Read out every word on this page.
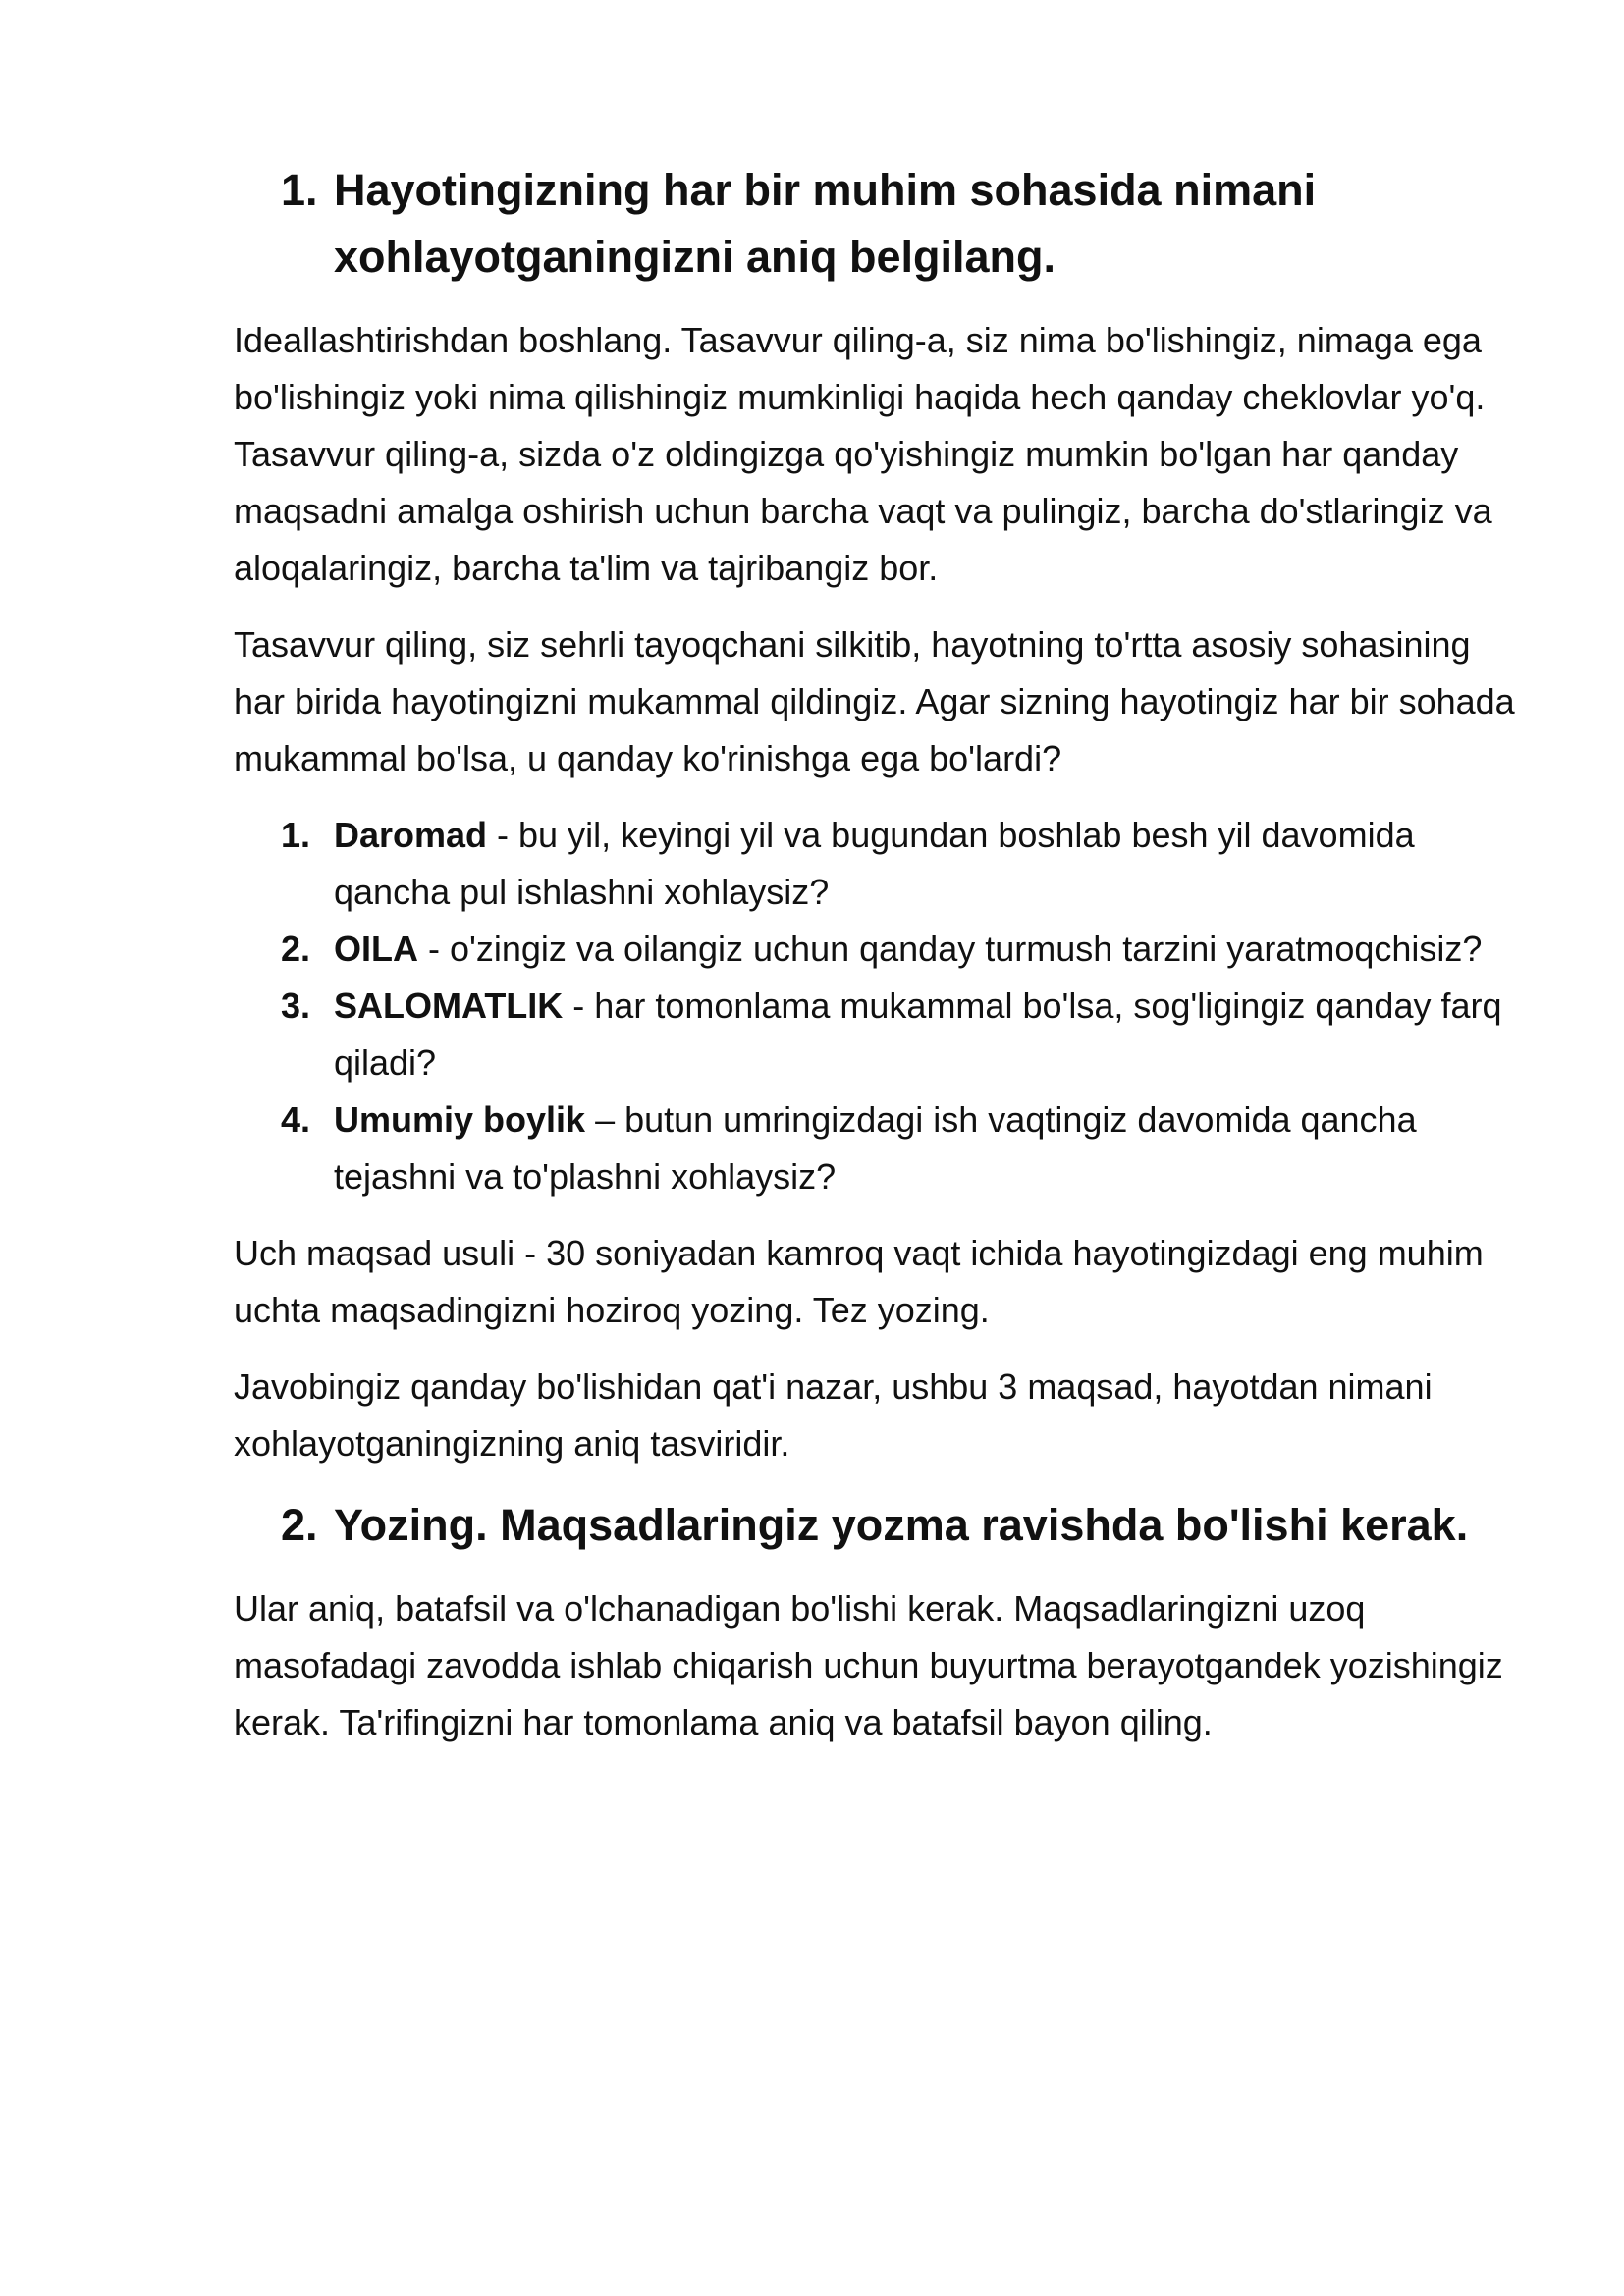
1. Hayotingizning har bir muhim sohasida nimani xohlayotganingizni aniq belgilang.

Ideallashtirishdan boshlang. Tasavvur qiling-a, siz nima bo'lishingiz, nimaga ega bo'lishingiz yoki nima qilishingiz mumkinligi haqida hech qanday cheklovlar yo'q. Tasavvur qiling-a, sizda o'z oldingizga qo'yishingiz mumkin bo'lgan har qanday maqsadni amalga oshirish uchun barcha vaqt va pulingiz, barcha do'stlaringiz va aloqalaringiz, barcha ta'lim va tajribangiz bor.

Tasavvur qiling, siz sehrli tayoqchani silkitib, hayotning to'rtta asosiy sohasining har birida hayotingizni mukammal qildingiz. Agar sizning hayotingiz har bir sohada mukammal bo'lsa, u qanday ko'rinishga ega bo'lardi?

1. Daromad - bu yil, keyingi yil va bugundan boshlab besh yil davomida qancha pul ishlashni xohlaysiz?
2. OILA - o'zingiz va oilangiz uchun qanday turmush tarzini yaratmoqchisiz?
3. SALOMATLIK - har tomonlama mukammal bo'lsa, sog'ligingiz qanday farq qiladi?
4. Umumiy boylik – butun umringizdagi ish vaqtingiz davomida qancha tejashni va to'plashni xohlaysiz?

Uch maqsad usuli - 30 soniyadan kamroq vaqt ichida hayotingizdagi eng muhim uchta maqsadingizni hoziroq yozing. Tez yozing.

Javobingiz qanday bo'lishidan qat'i nazar, ushbu 3 maqsad, hayotdan nimani xohlayotganingizning aniq tasviridir.

2. Yozing. Maqsadlaringiz yozma ravishda bo'lishi kerak.

Ular aniq, batafsil va o'lchanadigan bo'lishi kerak. Maqsadlaringizni uzoq masofadagi zavodda ishlab chiqarish uchun buyurtma berayotgandek yozishingiz kerak. Ta'rifingizni har tomonlama aniq va batafsil bayon qiling.
